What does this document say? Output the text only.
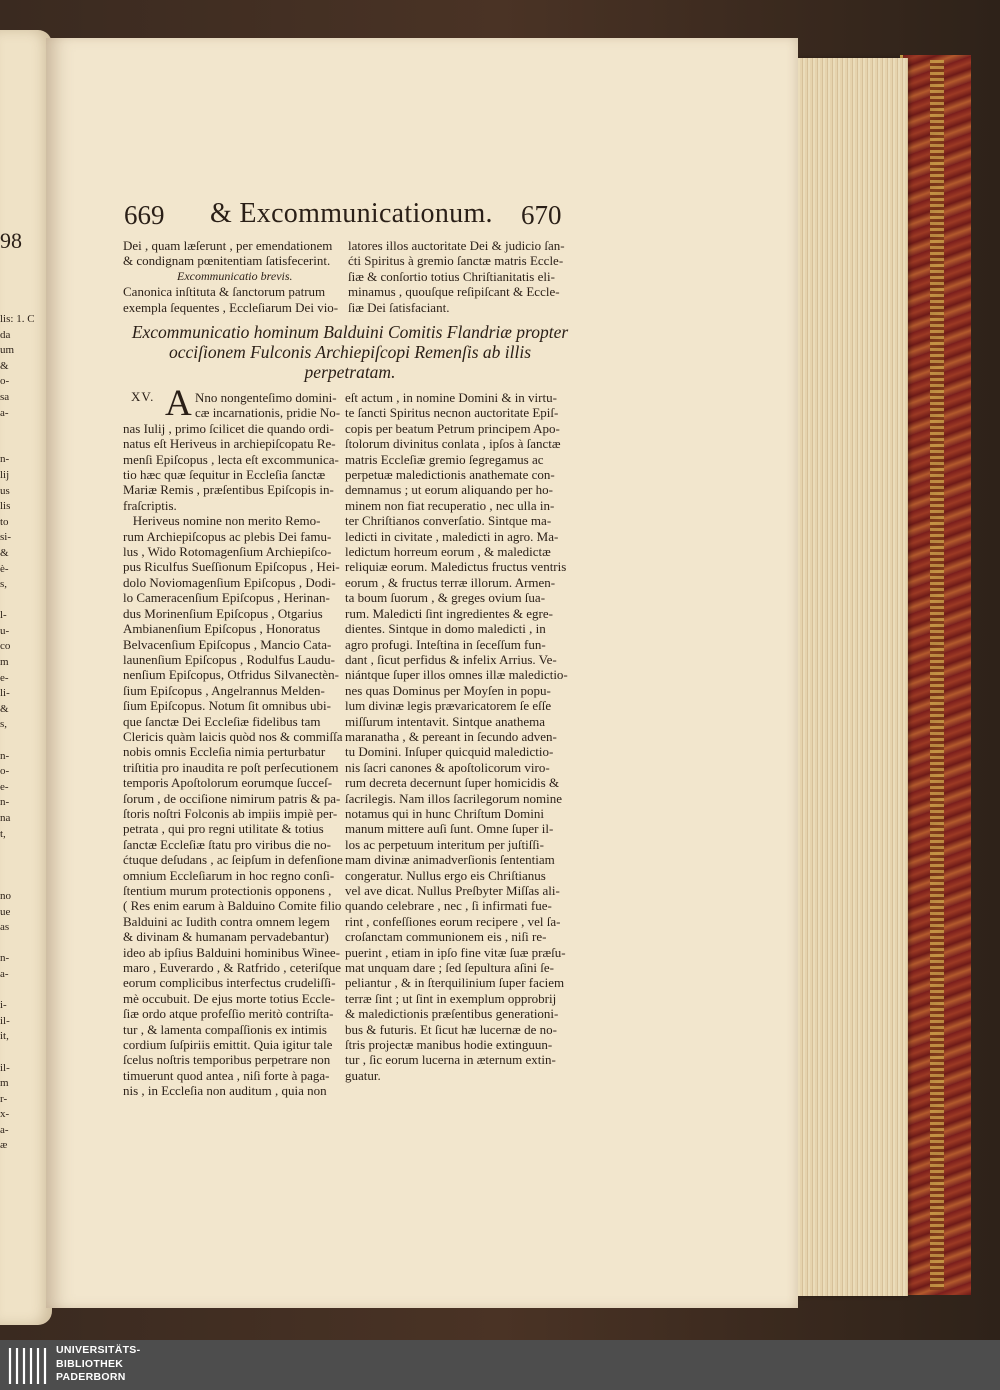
98
lis: 1. C
da
um
&
o-
sa
a-

n-
lij
us
lis
to
si-
&
è-
s,

l-
u-
co
m
e-
li-
&
s,

n-
o-
e-
n-
na
t,

no
ue
as

n-
a-

i-
il-
it,

il-
m
r-
x-
a-
æ
669 & Excommunicationum. 670
Dei , quam læſerunt , per emendationem
& condignam pœnitentiam ſatisfecerint.
Excommunicatio brevis.
Canonica inſtituta & ſanctorum patrum
exempla ſequentes , Eccleſiarum Dei vio-
latores illos auctoritate Dei & judicio ſan-
ćti Spiritus à gremio ſanctæ matris Eccle-
ſiæ & conſortio totius Chriſtianitatis eli-
minamus , quouſque reſipiſcant & Eccle-
ſiæ Dei ſatisfaciant.
Excommunicatio hominum Balduini Comitis Flandriæ propter
occiſionem Fulconis Archiepiſcopi Remenſis ab illis
perpetratam.
XV. A Nno nongenteſimo domini-
cæ incarnationis, pridie No-

nas Iulij , primo ſcilicet die quando ordi-
natus eſt Heriveus in archiepiſcopatu Re-
menſi Epiſcopus , lecta eſt excommunica-
tio hæc quæ ſequitur in Eccleſia ſanctæ
Mariæ Remis , præſentibus Epiſcopis in-
fraſcriptis.
Heriveus nomine non merito Remo-
rum Archiepiſcopus ac plebis Dei famu-
lus , Wido Rotomagenſium Archiepiſco-
pus Riculfus Sueſſionum Epiſcopus , Hei-
dolo Noviomagenſium Epiſcopus , Dodi-
lo Cameracenſium Epiſcopus , Herinan-
dus Morinenſium Epiſcopus , Otgarius
Ambianenſium Epiſcopus , Honoratus
Belvacenſium Epiſcopus , Mancio Cata-
launenſium Epiſcopus , Rodulfus Laudu-
nenſium Epiſcopus, Otfridus Silvanectèn-
ſium Epiſcopus , Angelrannus Melden-
ſium Epiſcopus. Notum ſit omnibus ubi-
que ſanctæ Dei Eccleſiæ fidelibus tam
Clericis quàm laicis quòd nos & commiſſa
nobis omnis Eccleſia nimia perturbatur
triſtitia pro inaudita re poſt perſecutionem
temporis Apoſtolorum eorumque ſucceſ-
ſorum , de occiſione nimirum patris & pa-
ſtoris noſtri Folconis ab impiis impiè per-
petrata , qui pro regni utilitate & totius
ſanctæ Eccleſiæ ſtatu pro viribus die no-
ćtuque deſudans , ac ſeipſum in defenſione
omnium Eccleſiarum in hoc regno conſi-
ſtentium murum protectionis opponens ,
( Res enim earum à Balduino Comite filio
Balduini ac Iudith contra omnem legem
& divinam & humanam pervadebantur)
ideo ab ipſius Balduini hominibus Wineе-
maro , Euverardo , & Ratfrido , ceteriſque
eorum complicibus interfectus crudeliſſi-
mè occubuit. De ejus morte totius Eccle-
ſiæ ordo atque profeſſio meritò contriſta-
tur , & lamenta compaſſionis ex intimis
cordium ſuſpiriis emittit. Quia igitur tale
ſcelus noſtris temporibus perpetrare non
timuerunt quod antea , niſi forte à paga-
nis , in Eccleſia non auditum , quia non
eſt actum , in nomine Domini & in virtu-
te ſancti Spiritus necnon auctoritate Epiſ-
copis per beatum Petrum principem Apo-
ſtolorum divinitus conlata , ipſos à ſanctæ
matris Eccleſiæ gremio ſegregamus ac
perpetuæ maledictionis anathemate con-
demnamus ; ut eorum aliquando per ho-
minem non fiat recuperatio , nec ulla in-
ter Chriſtianos converſatio. Sintque ma-
ledicti in civitate , maledicti in agro. Ma-
ledictum horreum eorum , & maledictæ
reliquiæ eorum. Maledictus fructus ventris
eorum , & fructus terræ illorum. Armen-
ta boum ſuorum , & greges ovium ſua-
rum. Maledicti ſint ingredientes & egre-
dientes. Sintque in domo maledicti , in
agro profugi. Inteſtina in ſeceſſum fun-
dant , ſicut perfidus & infelix Arrius. Ve-
niántque ſuper illos omnes illæ maledictio-
nes quas Dominus per Moyſen in popu-
lum divinæ legis prævaricatorem ſe eſſe
miſſurum intentavit. Sintque anathema
maranatha , & pereant in ſecundo adven-
tu Domini. Inſuper quicquid maledictio-
nis ſacri canones & apoſtolicorum viro-
rum decreta decernunt ſuper homicidis &
ſacrilegis. Nam illos ſacrilegorum nomine
notamus qui in hunc Chriſtum Domini
manum mittere auſi ſunt. Omne ſuper il-
los ac perpetuum interitum per juſtiſſi-
mam divinæ animadverſionis ſententiam
congeratur. Nullus ergo eis Chriſtianus
vel ave dicat. Nullus Preſbyter Miſſas ali-
quando celebrare , nec , ſi infirmati fue-
rint , confeſſiones eorum recipere , vel ſa-
croſanctam communionem eis , niſi re-
puerint , etiam in ipſo fine vitæ ſuæ præſu-
mat unquam dare ; ſed ſepultura aſini ſe-
peliantur , & in ſterquilinium ſuper faciem
terræ ſint ; ut ſint in exemplum opprobrij
& maledictionis præſentibus generationi-
bus & futuris. Et ſicut hæ lucernæ de no-
ſtris projectæ manibus hodie extinguun-
tur , ſic eorum lucerna in æternum extin-
guatur.
UNIVERSITÄTS-
BIBLIOTHEK
PADERBORN
